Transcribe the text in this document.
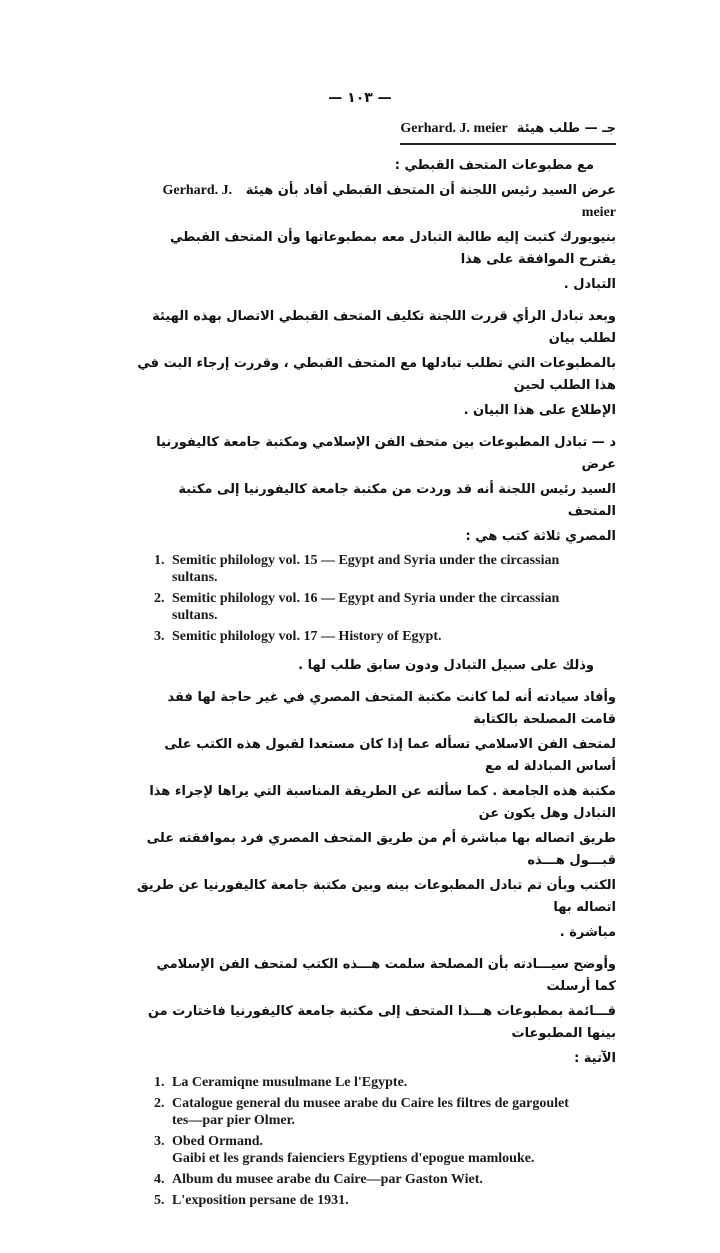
— ١٠٣ —
جـ — طلب هيئة  Gerhard. J. meier
مع مطبوعات المتحف القبطي :
عرض السيد رئيس اللجنة أن المتحف القبطي أفاد بأن هيئة   Gerhard. J. meier
بنيويورك كتبت إليه طالبة التبادل معه بمطبوعاتها وأن المتحف القبطي يقترح الموافقة على هذا
التبادل .
وبعد تبادل الرأي قررت اللجنة تكليف المتحف القبطي الاتصال بهذه الهيئة لطلب بيان
بالمطبوعات التي تطلب تبادلها مع المتحف القبطي ، وقررت إرجاء البت في هذا الطلب لحين
الإطلاع على هذا البيان .
د — تبادل المطبوعات بين متحف الفن الإسلامي ومكتبة جامعة كاليفورنيا عرض
السيد رئيس اللجنة أنه قد وردت من مكتبة جامعة كاليفورنيا إلى مكتبة المتحف
المصري ثلاثة كتب هي :
1. Semitic philology vol. 15 — Egypt and Syria under the circassian
sultans.
2. Semitic philology vol. 16 — Egypt and Syria under the circassian
sultans.
3. Semitic philology vol. 17 — History of Egypt.
وذلك على سبيل التبادل ودون سابق طلب لها .
وأفاد سيادته أنه لما كانت مكتبة المتحف المصري في غير حاجة لها فقد قامت المصلحة بالكتابة
لمتحف الفن الاسلامي تسأله عما إذا كان مستعدا لقبول هذه الكتب على أساس المبادلة له مع
مكتبة هذه الجامعة . كما سألته عن الطريقة المناسبة التي يراها لإجراء هذا التبادل وهل يكون عن
طريق اتصاله بها مباشرة أم من طريق المتحف المصري فرد بموافقته على قبـــول هـــذه
الكتب وبأن تم تبادل المطبوعات بينه وبين مكتبة جامعة كاليفورنيا عن طريق اتصاله بها
مباشرة .
وأوضح سيـــادته بأن المصلحة سلمت هـــذه الكتب لمتحف الفن الإسلامي كما أرسلت
قـــائمة بمطبوعات هـــذا المتحف إلى مكتبة جامعة كاليفورنيا فاختارت من بينها المطبوعات
الآتية :
1. La Ceramiqne musulmane Le l'Egypte.
2. Catalogue general du musee arabe du Caire les filtres de gargoulet
tes—par pier Olmer.
3. Obed Ormand.
Gaibi et les grands faienciers Egyptiens d'epogue mamlouke.
4. Album du musee arabe du Caire—par Gaston Wiet.
5. L'exposition persane de 1931.
